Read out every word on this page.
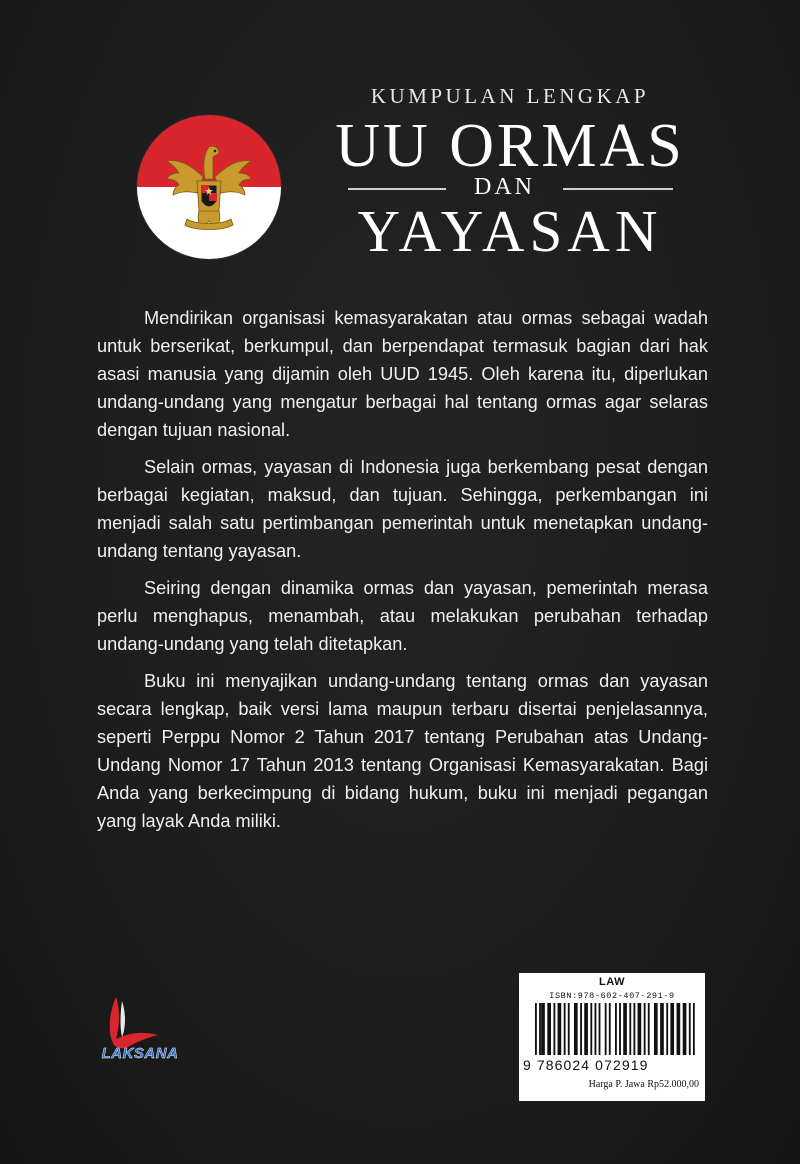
KUMPULAN LENGKAP
UU ORMAS
DAN
YAYASAN

Mendirikan organisasi kemasyarakatan atau ormas sebagai wadah untuk berserikat, berkumpul, dan berpendapat termasuk bagian dari hak asasi manusia yang dijamin oleh UUD 1945. Oleh karena itu, diperlukan undang-undang yang mengatur berbagai hal tentang ormas agar selaras dengan tujuan nasional.

Selain ormas, yayasan di Indonesia juga berkembang pesat dengan berbagai kegiatan, maksud, dan tujuan. Sehingga, perkembangan ini menjadi salah satu pertimbangan pemerintah untuk menetapkan undang-undang tentang yayasan.

Seiring dengan dinamika ormas dan yayasan, pemerintah merasa perlu menghapus, menambah, atau melakukan perubahan terhadap undang-undang yang telah ditetapkan.

Buku ini menyajikan undang-undang tentang ormas dan yayasan secara lengkap, baik versi lama maupun terbaru disertai penjelasannya, seperti Perppu Nomor 2 Tahun 2017 tentang Perubahan atas Undang-Undang Nomor 17 Tahun 2013 tentang Organisasi Kemasyarakatan. Bagi Anda yang berkecimpung di bidang hukum, buku ini menjadi pegangan yang layak Anda miliki.

LAKSANA
LAW
ISBN:978-602-407-291-9
9 786024 072919
Harga P. Jawa Rp52.000,00
